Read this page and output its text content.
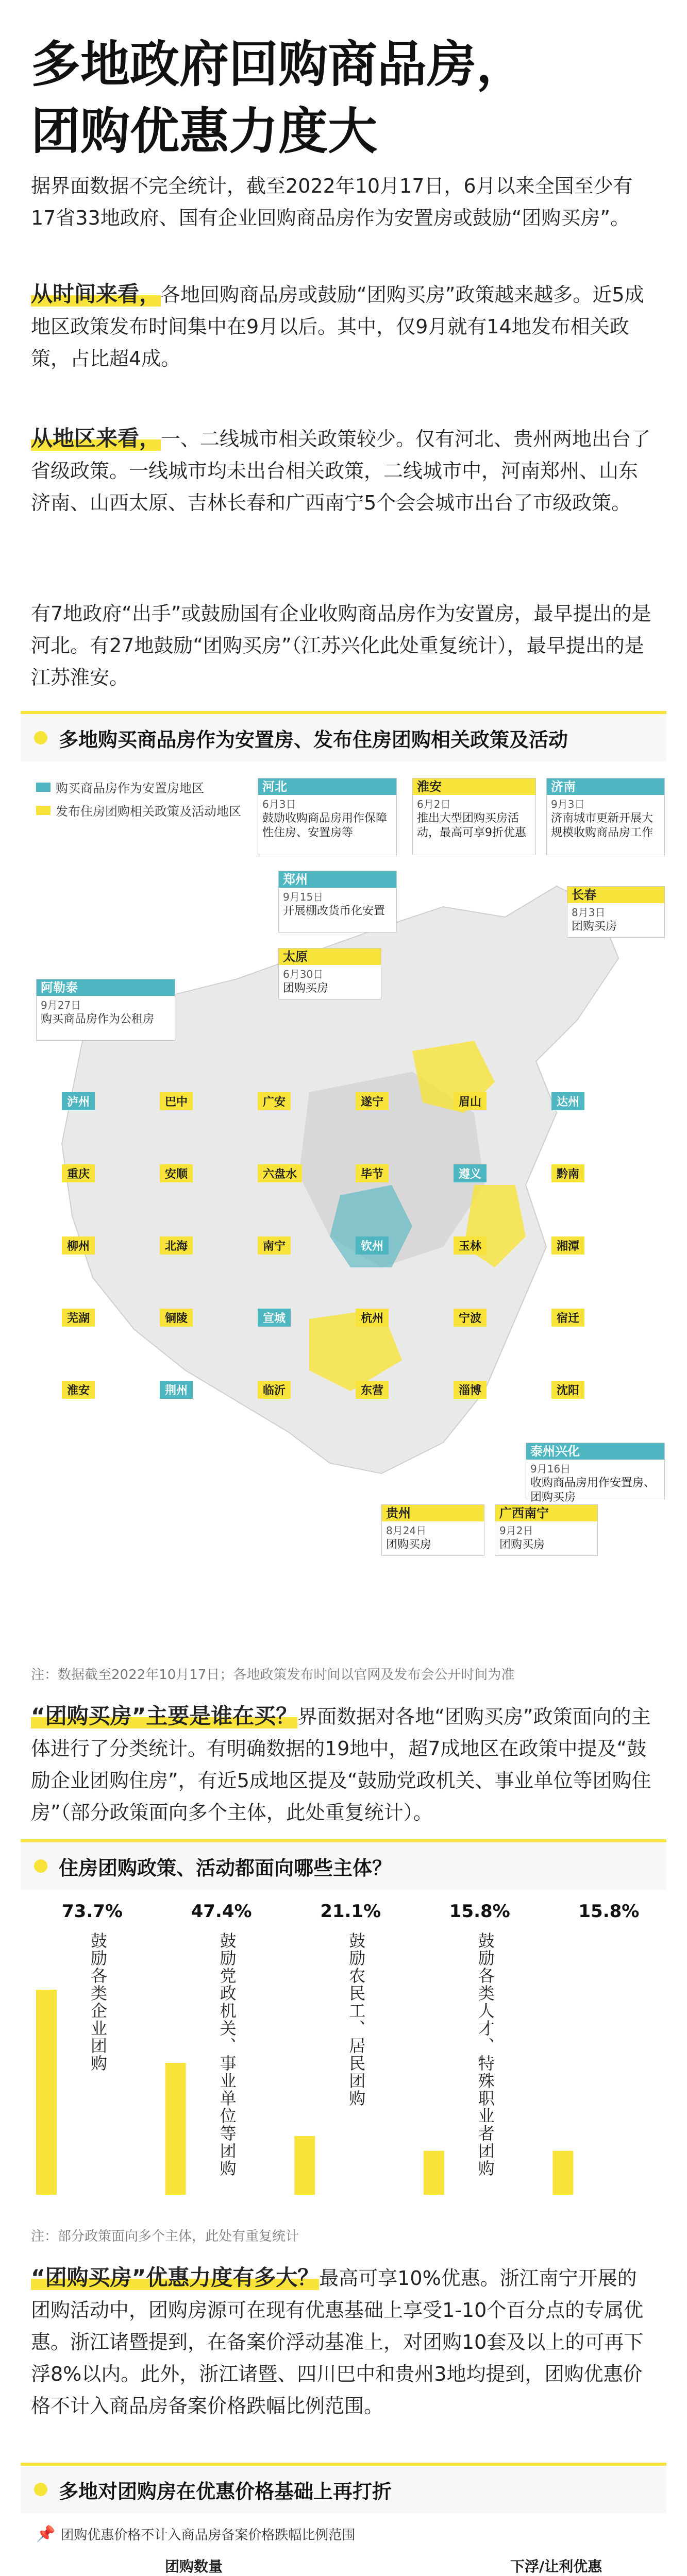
多地政府回购商品房，
团购优惠力度大

据界面数据不完全统计，截至2022年10月17日，6月以来全国至少有17省33地政府、国有企业回购商品房作为安置房或鼓励“团购买房”。

从时间来看，各地回购商品房或鼓励“团购买房”政策越来越多。近5成地区政策发布时间集中在9月以后。其中，仅9月就有14地发布相关政策，占比超4成。

从地区来看，一、二线城市相关政策较少。仅有河北、贵州两地出台了省级政策。一线城市均未出台相关政策，二线城市中，河南郑州、山东济南、山西太原、吉林长春和广西南宁5个会会城市出台了市级政策。

有7地政府“出手”或鼓励国有企业收购商品房作为安置房，最早提出的是河北。有27地鼓励“团购买房”（江苏兴化此处重复统计），最早提出的是江苏淮安。

多地购买商品房作为安置房、发布住房团购相关政策及活动
购买商品房作为安置房地区
发布住房团购相关政策及活动地区
河北
6月3日
鼓励收购商品房用作保障性住房、安置房等
淮安
6月2日
推出大型团购买房活动，最高可享9折优惠
济南
9月3日
济南城市更新开展大规模收购商品房工作
郑州
9月15日
开展棚改货币化安置
长春
8月3日
团购买房
阿勒泰
9月27日
购买商品房作为公租房
太原
6月30日
团购买房
贵州
8月24日
团购买房
广西南宁
9月2日
团购买房
泰州兴化
9月16日
收购商品房用作安置房、团购买房
泸州	巴中	广安	遂宁	眉山	达州
重庆	安顺	六盘水	毕节	遵义	黔南
柳州	北海	南宁	钦州	玉林	湘潭
芜湖	铜陵	宣城	杭州	宁波	宿迁
淮安	荆州	临沂	东营	淄博	沈阳
注：数据截至2022年10月17日；各地政策发布时间以官网及发布会公开时间为准

“团购买房”主要是谁在买？界面数据对各地“团购买房”政策面向的主体进行了分类统计。有明确数据的19地中，超7成地区在政策中提及“鼓励企业团购住房”，有近5成地区提及“鼓励党政机关、事业单位等团购住房”（部分政策面向多个主体，此处重复统计）。

住房团购政策、活动都面向哪些主体？
73.7%
鼓励各类企业团购
47.4%
鼓励党政机关、事业单位等团购
21.1%
鼓励农民工、居民团购
15.8%
鼓励各类人才、特殊职业者团购
15.8%
注：部分政策面向多个主体，此处有重复统计

“团购买房”优惠力度有多大？最高可享10%优惠。浙江南宁开展的团购活动中，团购房源可在现有优惠基础上享受1-10个百分点的专属优惠。浙江诸暨提到，在备案价浮动基准上，对团购10套及以上的可再下浮8%以内。此外，浙江诸暨、四川巴中和贵州3地均提到，团购优惠价格不计入商品房备案价格跌幅比例范围。

多地对团购房在优惠价格基础上再打折
📌 团购优惠价格不计入商品房备案价格跌幅比例范围
团购数量	下浮/让利优惠
